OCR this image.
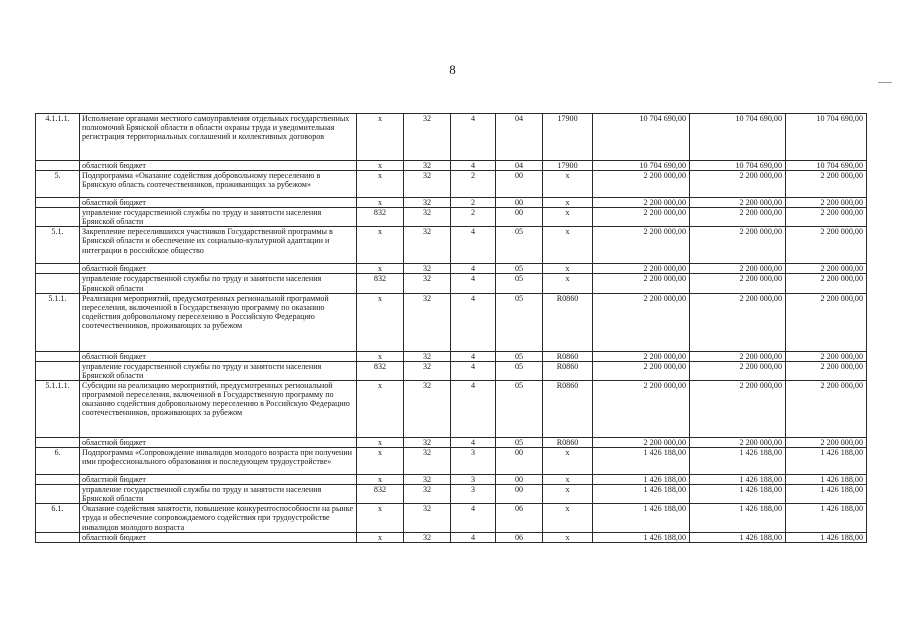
8
4.1.1.1.	Исполнение органами местного самоуправления отдельных государственных полномочий Брянской области в области охраны труда и уведомительная регистрация территориальных соглашений и коллективных договоров	x	32	4	04	17900	10 704 690,00	10 704 690,00	10 704 690,00
	областной бюджет	x	32	4	04	17900	10 704 690,00	10 704 690,00	10 704 690,00
5.	Подпрограмма «Оказание содействия добровольному переселению в Брянскую область соотечественников, проживающих за рубежом»	x	32	2	00	x	2 200 000,00	2 200 000,00	2 200 000,00
	областной бюджет	x	32	2	00	x	2 200 000,00	2 200 000,00	2 200 000,00
	управление государственной службы по труду и занятости населения Брянской области	832	32	2	00	x	2 200 000,00	2 200 000,00	2 200 000,00
5.1.	Закрепление переселившихся участников Государственной программы в Брянской области и обеспечение их социально-культурной адаптации и интеграции в российское общество	x	32	4	05	x	2 200 000,00	2 200 000,00	2 200 000,00
	областной бюджет	x	32	4	05	x	2 200 000,00	2 200 000,00	2 200 000,00
	управление государственной службы по труду и занятости населения Брянской области	832	32	4	05	x	2 200 000,00	2 200 000,00	2 200 000,00
5.1.1.	Реализация мероприятий, предусмотренных региональной программой переселения, включенной в Государственную программу по оказанию содействия добровольному переселению в Российскую Федерацию соотечественников, проживающих за рубежом	x	32	4	05	R0860	2 200 000,00	2 200 000,00	2 200 000,00
	областной бюджет	x	32	4	05	R0860	2 200 000,00	2 200 000,00	2 200 000,00
	управление государственной службы по труду и занятости населения Брянской области	832	32	4	05	R0860	2 200 000,00	2 200 000,00	2 200 000,00
5.1.1.1.	Субсидии на реализацию мероприятий, предусмотренных региональной программой переселения, включенной в Государственную программу по оказанию содействия добровольному переселению в Российскую Федерацию соотечественников, проживающих за рубежом	x	32	4	05	R0860	2 200 000,00	2 200 000,00	2 200 000,00
	областной бюджет	x	32	4	05	R0860	2 200 000,00	2 200 000,00	2 200 000,00
6.	Подпрограмма «Сопровождение инвалидов молодого возраста при получении ими профессионального образования и последующем трудоустройстве»	x	32	3	00	x	1 426 188,00	1 426 188,00	1 426 188,00
	областной бюджет	x	32	3	00	x	1 426 188,00	1 426 188,00	1 426 188,00
	управление государственной службы по труду и занятости населения Брянской области	832	32	3	00	x	1 426 188,00	1 426 188,00	1 426 188,00
6.1.	Оказание содействия занятости, повышение конкурентоспособности на рынке труда и обеспечение сопровождаемого содействия при трудоустройстве инвалидов молодого возраста	x	32	4	06	x	1 426 188,00	1 426 188,00	1 426 188,00
	областной бюджет	x	32	4	06	x	1 426 188,00	1 426 188,00	1 426 188,00
